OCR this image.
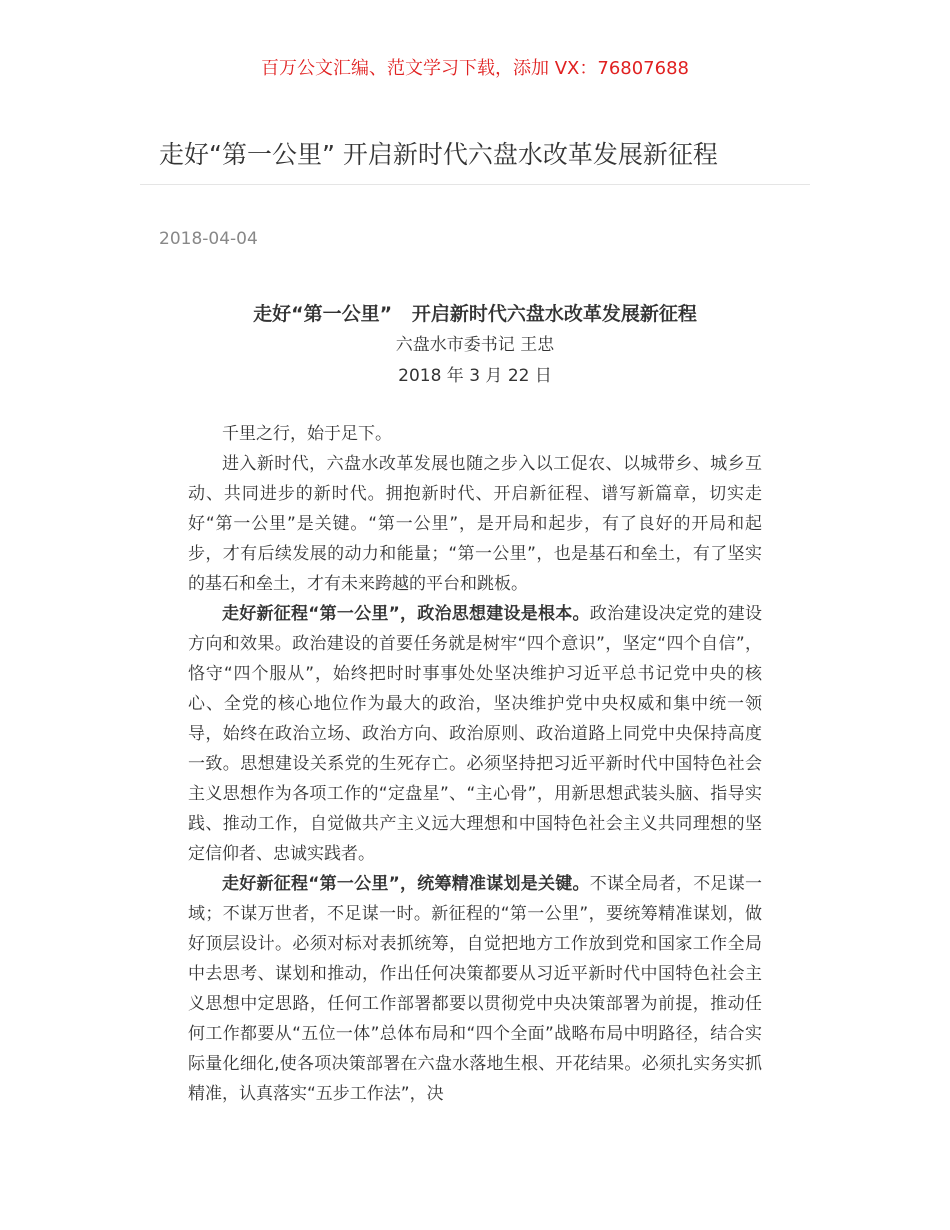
百万公文汇编、范文学习下载，添加 VX：76807688
走好“第一公里” 开启新时代六盘水改革发展新征程
2018-04-04
走好“第一公里”   开启新时代六盘水改革发展新征程
六盘水市委书记 王忠
2018 年 3 月 22 日

千里之行，始于足下。

进入新时代，六盘水改革发展也随之步入以工促农、以城带乡、城乡互动、共同进步的新时代。拥抱新时代、开启新征程、谱写新篇章，切实走好“第一公里”是关键。“第一公里”，是开局和起步，有了良好的开局和起步，才有后续发展的动力和能量；“第一公里”，也是基石和垒土，有了坚实的基石和垒土，才有未来跨越的平台和跳板。

走好新征程“第一公里”，政治思想建设是根本。政治建设决定党的建设方向和效果。政治建设的首要任务就是树牢“四个意识”，坚定“四个自信”，恪守“四个服从”，始终把时时事事处处坚决维护习近平总书记党中央的核心、全党的核心地位作为最大的政治，坚决维护党中央权威和集中统一领导，始终在政治立场、政治方向、政治原则、政治道路上同党中央保持高度一致。思想建设关系党的生死存亡。必须坚持把习近平新时代中国特色社会主义思想作为各项工作的“定盘星”、“主心骨”，用新思想武装头脑、指导实践、推动工作，自觉做共产主义远大理想和中国特色社会主义共同理想的坚定信仰者、忠诚实践者。

走好新征程“第一公里”，统筹精准谋划是关键。不谋全局者，不足谋一域；不谋万世者，不足谋一时。新征程的“第一公里”，要统筹精准谋划，做好顶层设计。必须对标对表抓统筹，自觉把地方工作放到党和国家工作全局中去思考、谋划和推动，作出任何决策都要从习近平新时代中国特色社会主义思想中定思路，任何工作部署都要以贯彻党中央决策部署为前提，推动任何工作都要从“五位一体”总体布局和“四个全面”战略布局中明路径，结合实际量化细化,使各项决策部署在六盘水落地生根、开花结果。必须扎实务实抓精准，认真落实“五步工作法”，决
